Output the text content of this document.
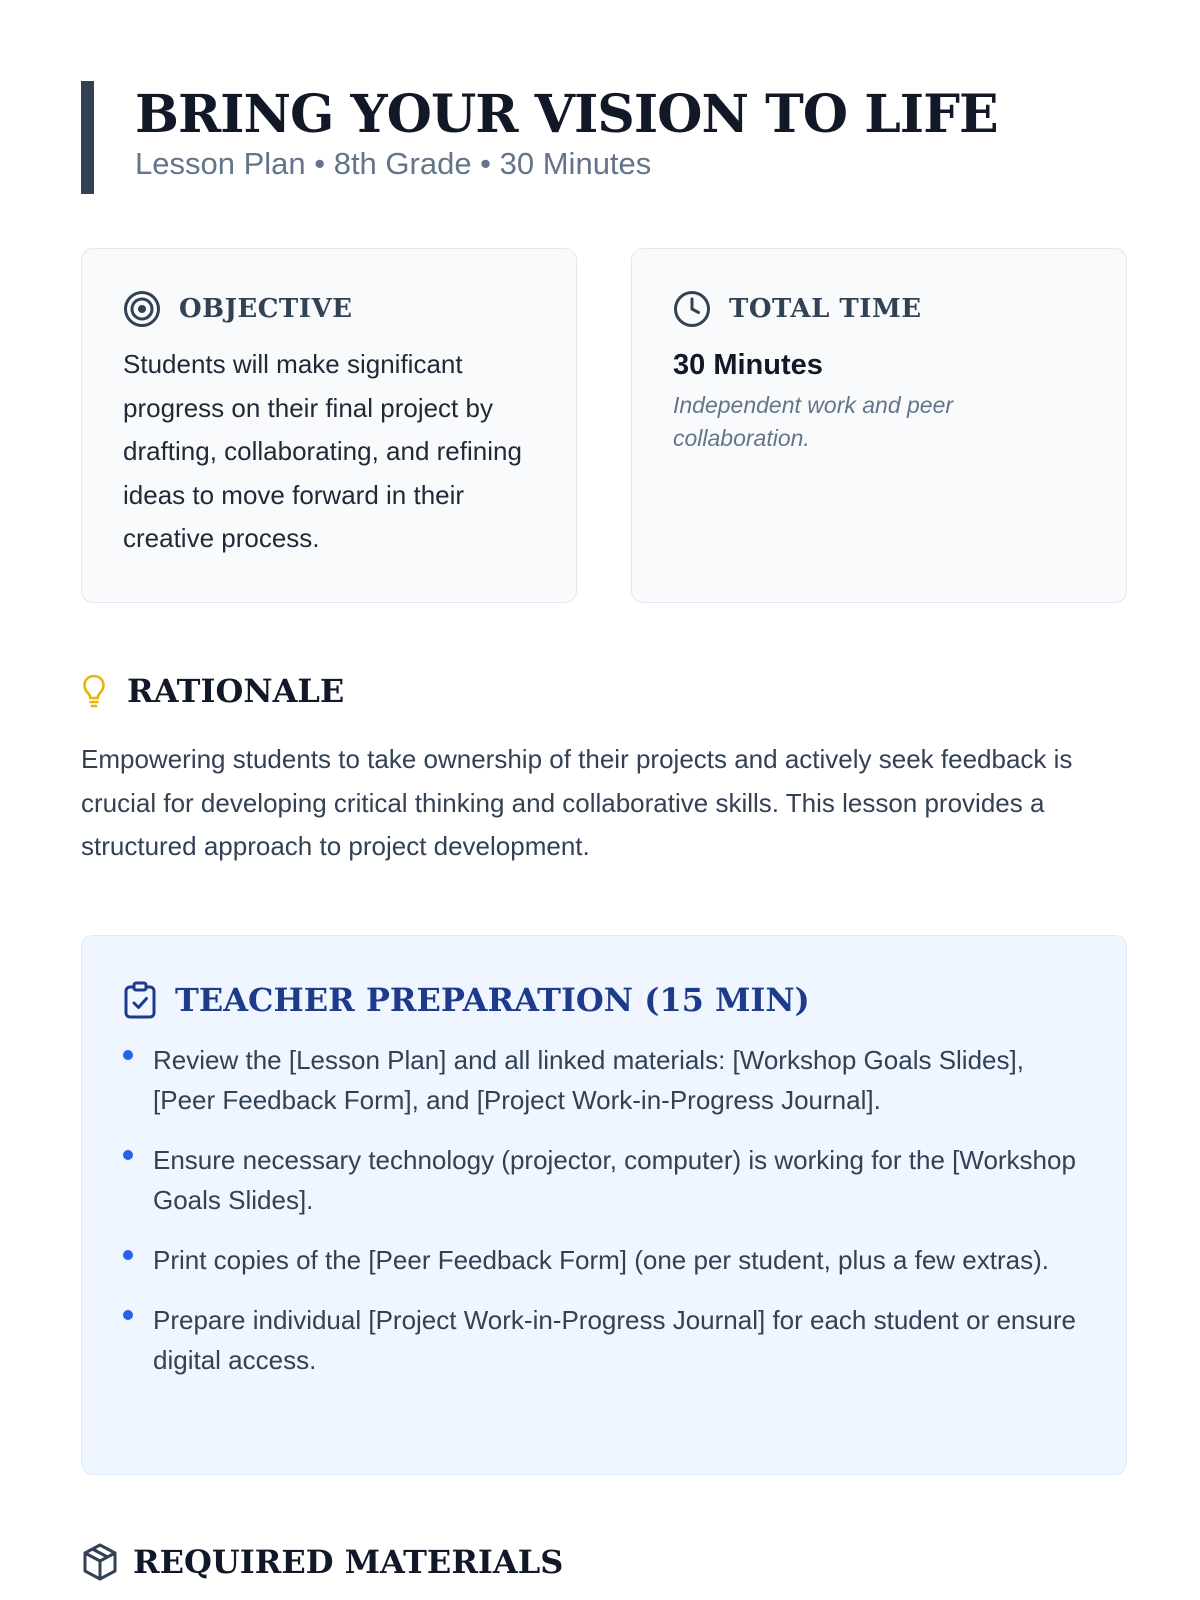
BRING YOUR VISION TO LIFE
Lesson Plan • 8th Grade • 30 Minutes
OBJECTIVE
Students will make significant progress on their final project by drafting, collaborating, and refining ideas to move forward in their creative process.
TOTAL TIME
30 Minutes
Independent work and peer collaboration.
RATIONALE
Empowering students to take ownership of their projects and actively seek feedback is crucial for developing critical thinking and collaborative skills. This lesson provides a structured approach to project development.
TEACHER PREPARATION (15 MIN)
Review the [Lesson Plan] and all linked materials: [Workshop Goals Slides], [Peer Feedback Form], and [Project Work-in-Progress Journal].
Ensure necessary technology (projector, computer) is working for the [Workshop Goals Slides].
Print copies of the [Peer Feedback Form] (one per student, plus a few extras).
Prepare individual [Project Work-in-Progress Journal] for each student or ensure digital access.
REQUIRED MATERIALS
